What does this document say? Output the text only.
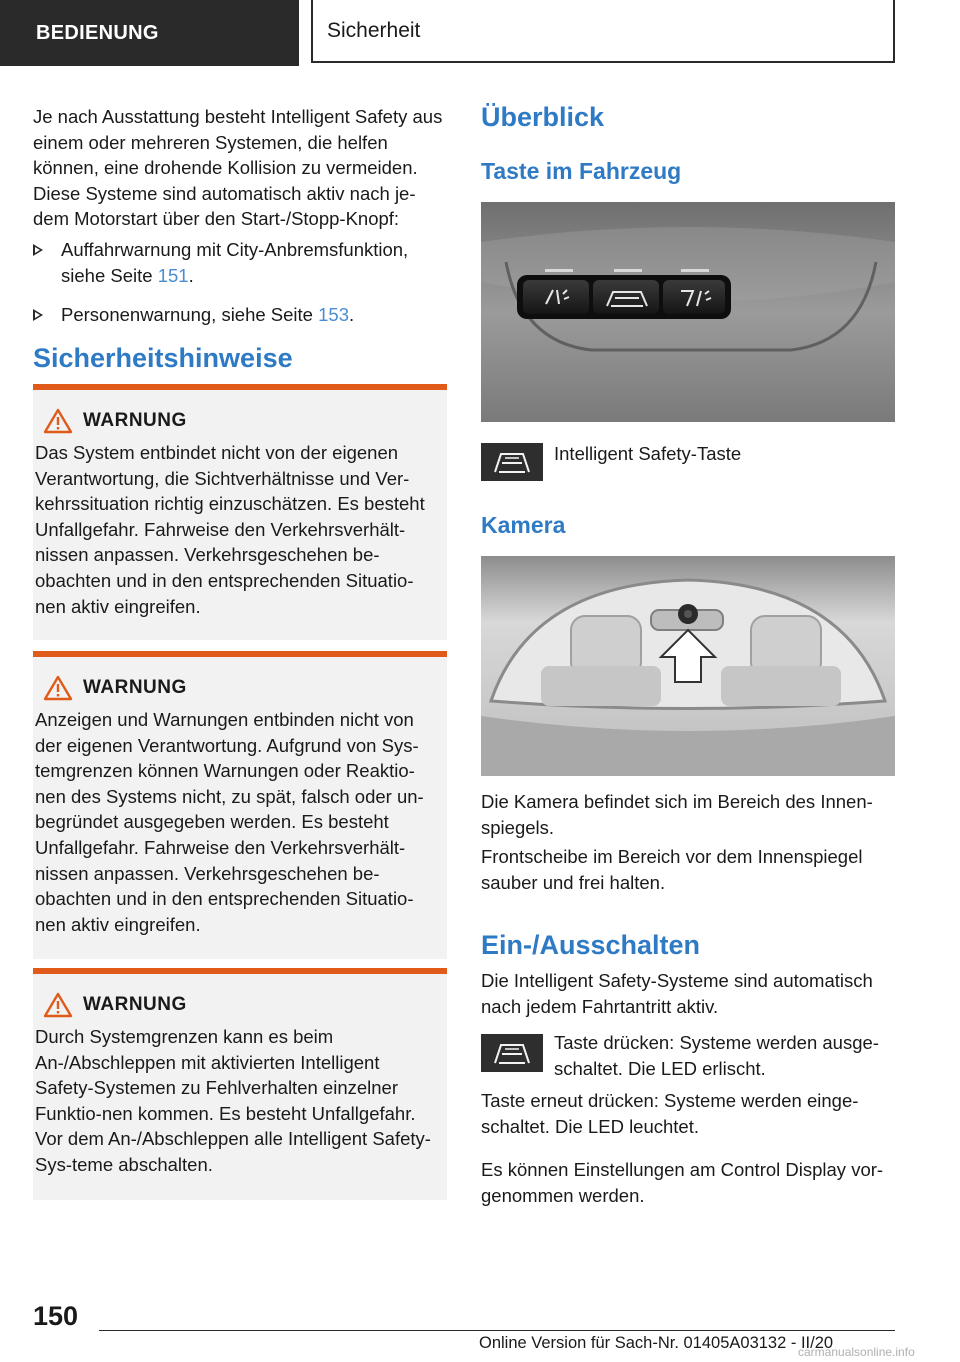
BEDIENUNG	Sicherheit

Je nach Ausstattung besteht Intelligent Safety aus einem oder mehreren Systemen, die helfen können, eine drohende Kollision zu vermeiden. Diese Systeme sind automatisch aktiv nach je-dem Motorstart über den Start-/Stopp-Knopf:

Auffahrwarnung mit City-Anbremsfunktion, siehe Seite 151.
Personenwarnung, siehe Seite 153.
Sicherheitshinweise
WARNUNG

Das System entbindet nicht von der eigenen Verantwortung, die Sichtverhältnisse und Ver-kehrssituation richtig einzuschätzen. Es besteht Unfallgefahr. Fahrweise den Verkehrsverhält-nissen anpassen. Verkehrsgeschehen be-obachten und in den entsprechenden Situatio-nen aktiv eingreifen.

WARNUNG

Anzeigen und Warnungen entbinden nicht von der eigenen Verantwortung. Aufgrund von Sys-temgrenzen können Warnungen oder Reaktio-nen des Systems nicht, zu spät, falsch oder un-begründet ausgegeben werden. Es besteht Unfallgefahr. Fahrweise den Verkehrsverhält-nissen anpassen. Verkehrsgeschehen be-obachten und in den entsprechenden Situatio-nen aktiv eingreifen.

WARNUNG

Durch Systemgrenzen kann es beim An-/Abschleppen mit aktivierten Intelligent Safety-Systemen zu Fehlverhalten einzelner Funktio-nen kommen. Es besteht Unfallgefahr. Vor dem An-/Abschleppen alle Intelligent Safety-Sys-teme abschalten.

Überblick
Taste im Fahrzeug

Intelligent Safety-Taste

Kamera

Die Kamera befindet sich im Bereich des Innen-spiegels.

Frontscheibe im Bereich vor dem Innenspiegel sauber und frei halten.

Ein-/Ausschalten

Die Intelligent Safety-Systeme sind automatisch nach jedem Fahrtantritt aktiv.

Taste drücken: Systeme werden ausge-schaltet. Die LED erlischt.

Taste erneut drücken: Systeme werden einge-schaltet. Die LED leuchtet.

Es können Einstellungen am Control Display vor-genommen werden.

150
Online Version für Sach-Nr. 01405A03132 - II/20
carmanualsonline.info
